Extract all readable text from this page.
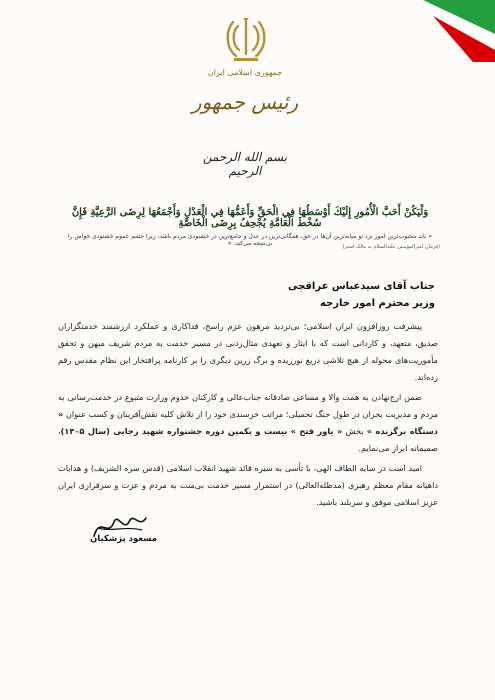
جمهوری اسلامی ایران
رئیس جمهور
بسم الله الرحمن الرحیم
وَلْيَكُنْ أَحَبَّ الْأُمُورِ إِلَيْكَ أَوْسَطُهَا فِي الْحَقِّ وَأَعَمُّهَا فِي الْعَدْلِ وَأَجْمَعُهَا لِرِضَى الرَّعِيَّةِ فَإِنَّ سُخْطَ الْعَامَّةِ يُجْحِفُ بِرِضَى الْخَاصَّةِ
« باید محبوب‌ترین امور نزد تو میانه‌ترین آن‌ها در حق، همگانی‌ترین در عدل و جامع‌ترین در خشنودی مردم باشد، زیرا خشم عموم خشنودی خواص را بی‌نتیجه می‌کند. »	(فرمان امیرالمؤمنین علیه‌السلام به مالک اشتر)
جناب آقای سیدعباس عراقچی
وزیر محترم امور خارجه

پیشرفت روزافزون ایران اسلامی؛ بی‌تردید مرهون عزم راسخ، فداکاری و عملکرد ارزشمند خدمتگزاران صدیق، متعهد، و کاردانی است که با ایثار و تعهدی مثال‌زدنی در مسیر خدمت به مردم شریف میهن و تحقق مأموریت‌های محوله از هیچ تلاشی دریغ نورزیده و برگ زرین دیگری را بر کارنامه پرافتخار این نظام مقدس رقم زده‌اند.

ضمن ارج‌نهادن به همت والا و مساعی صادقانه جناب‌عالی و کارکنان خدوم وزارت متبوع در خدمت‌رسانی به مردم و مدیریت بحران در طول جنگ تحمیلی؛ مراتب خرسندی خود را از تلاش کلیه نقش‌آفرینان و کسب عنوان « دستگاه برگزیده » بخش « یاور فتح » بیست و یکمین دوره جشنواره شهید رجایی (سال ۱۴۰۵)، صمیمانه ابراز می‌نمایم.

امید است در سایه الطاف الهی، با تأسی به سیره قائد شهید انقلاب اسلامی (قدس سره الشریف) و هدایات داهیانه مقام معظم رهبری (مدظله‌العالی) در استمرار مسیر خدمت بی‌منت به مردم و عزت و سرفرازی ایران عزیز اسلامی موفق و سربلند باشید.

مسعود پزشکیان
